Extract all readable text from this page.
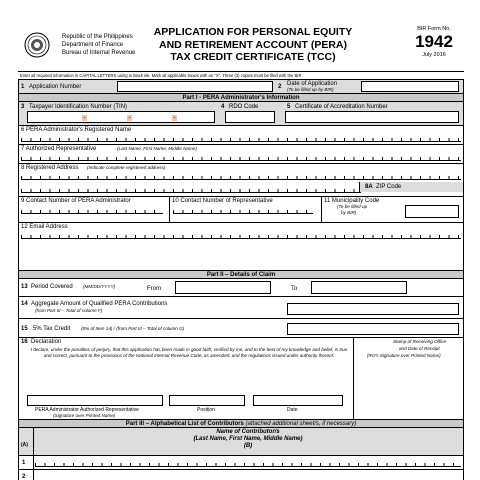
Republic of the Philippines
Department of Finance
Bureau of Internal Revenue
APPLICATION FOR PERSONAL EQUITY
AND RETIREMENT ACCOUNT (PERA)
TAX CREDIT CERTIFICATE (TCC)
BIR Form No.
1942
July 2016
Enter all required information in CAPITAL LETTERS using in black ink. Mark all applicable boxes with an "X". Three (3) copies must be filed with the BIR.
1 Application Number	2 Date of Application
(To be filled up by BIR)
Part I - PERA Administrator's Information
3 Taxpayer Identification Number (TIN)
-	-	-
4 RDO Code	5 Certificate of Accreditation Number
6 PERA Administrator's Registered Name
7 Authorized Representative	(Last Name, First Name, Middle Name)
8 Registered Address (Indicate complete registered address)
8A ZIP Code
9 Contact Number of PERA Administrator	10 Contact Number of Representative	11 Municipality Code
(To be filled-up
by BIR)
12 Email Address
Part II – Details of Claim
13 Period Covered (MM/DD/YYYY)	From	To
14 Aggregate Amount of Qualified PERA Contributions
(from Part III – Total of column F)
15 5% Tax Credit (5% of Item 14) / (from Part III – Total of column G)
16 Declaration
I declare, under the penalties of perjury, that this application has been made in good faith, verified by me, and to the best of my knowledge and belief, is true and correct, pursuant to the provisions of the National Internal Revenue Code, as amended, and the regulations issued under authority thereof.
Stamp of Receiving Office
and Date of Receipt
(RO's Signature over Printed Name)
PERA Administrator Authorized Representative
(Signature over Printed Name)
Position	Date
Part III – Alphabetical List of Contributors (attached additional sheet/s, if necessary)
(A)
Name of Contributor/s
(Last Name, First Name, Middle Name)
(B)
1
2
